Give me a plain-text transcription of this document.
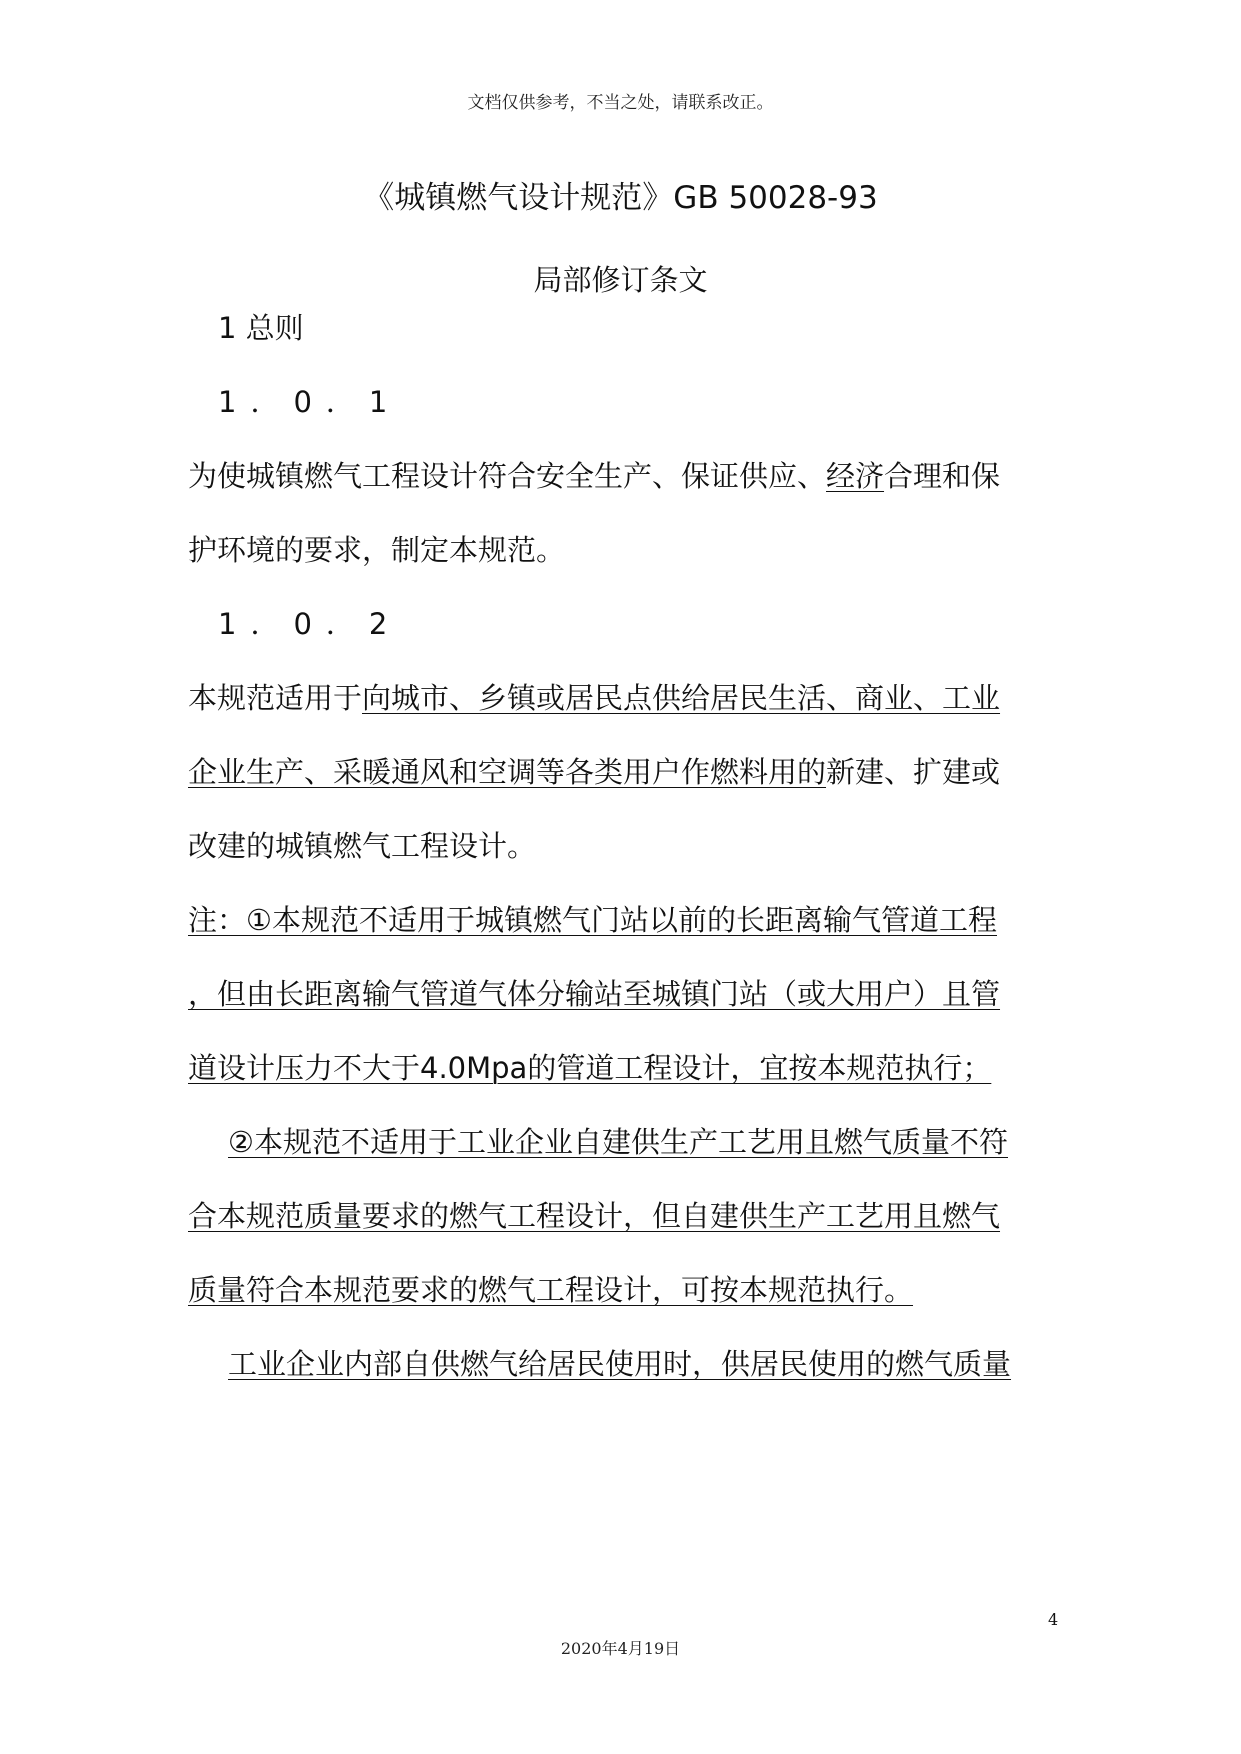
文档仅供参考，不当之处，请联系改正。
《城镇燃气设计规范》GB 50028-93
局部修订条文
1 总则
1．0．1
为使城镇燃气工程设计符合安全生产、保证供应、经济合理和保
护环境的要求，制定本规范。
1．0．2
本规范适用于向城市、乡镇或居民点供给居民生活、商业、工业
企业生产、采暖通风和空调等各类用户作燃料用的新建、扩建或
改建的城镇燃气工程设计。
注：①本规范不适用于城镇燃气门站以前的长距离输气管道工程
，但由长距离输气管道气体分输站至城镇门站（或大用户）且管
道设计压力不大于4.0Mpa的管道工程设计，宜按本规范执行；
②本规范不适用于工业企业自建供生产工艺用且燃气质量不符
合本规范质量要求的燃气工程设计，但自建供生产工艺用且燃气
质量符合本规范要求的燃气工程设计，可按本规范执行。
工业企业内部自供燃气给居民使用时，供居民使用的燃气质量
4
2020年4月19日
